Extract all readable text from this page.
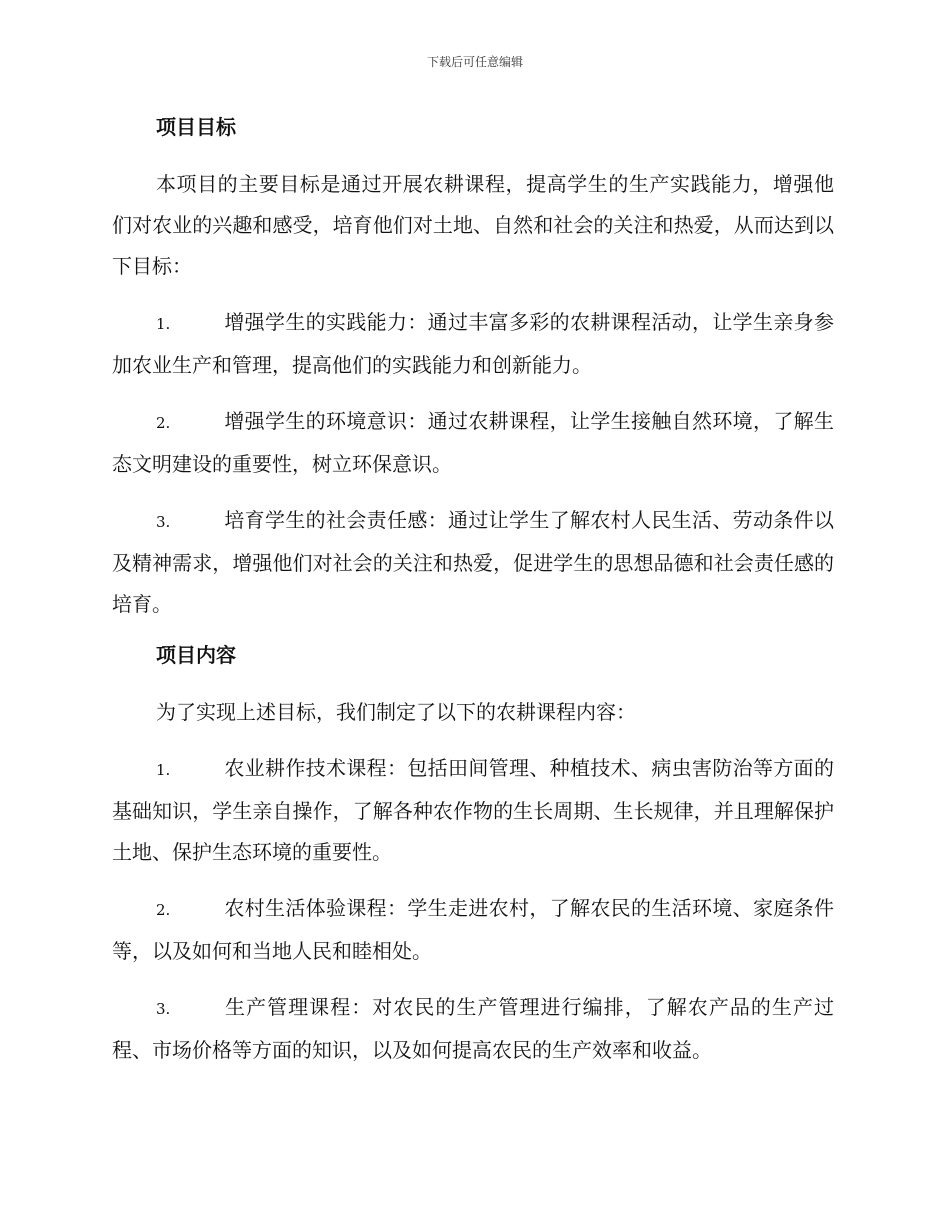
下载后可任意编辑
项目目标

本项目的主要目标是通过开展农耕课程，提高学生的生产实践能力，增强他们对农业的兴趣和感受，培育他们对土地、自然和社会的关注和热爱，从而达到以下目标：

1.	增强学生的实践能力：通过丰富多彩的农耕课程活动，让学生亲身参加农业生产和管理，提高他们的实践能力和创新能力。

2.	增强学生的环境意识：通过农耕课程，让学生接触自然环境，了解生态文明建设的重要性，树立环保意识。

3.	培育学生的社会责任感：通过让学生了解农村人民生活、劳动条件以及精神需求，增强他们对社会的关注和热爱，促进学生的思想品德和社会责任感的培育。

项目内容

为了实现上述目标，我们制定了以下的农耕课程内容：

1.	农业耕作技术课程：包括田间管理、种植技术、病虫害防治等方面的基础知识，学生亲自操作，了解各种农作物的生长周期、生长规律，并且理解保护土地、保护生态环境的重要性。

2.	农村生活体验课程：学生走进农村，了解农民的生活环境、家庭条件等，以及如何和当地人民和睦相处。

3.	生产管理课程：对农民的生产管理进行编排，了解农产品的生产过程、市场价格等方面的知识，以及如何提高农民的生产效率和收益。
